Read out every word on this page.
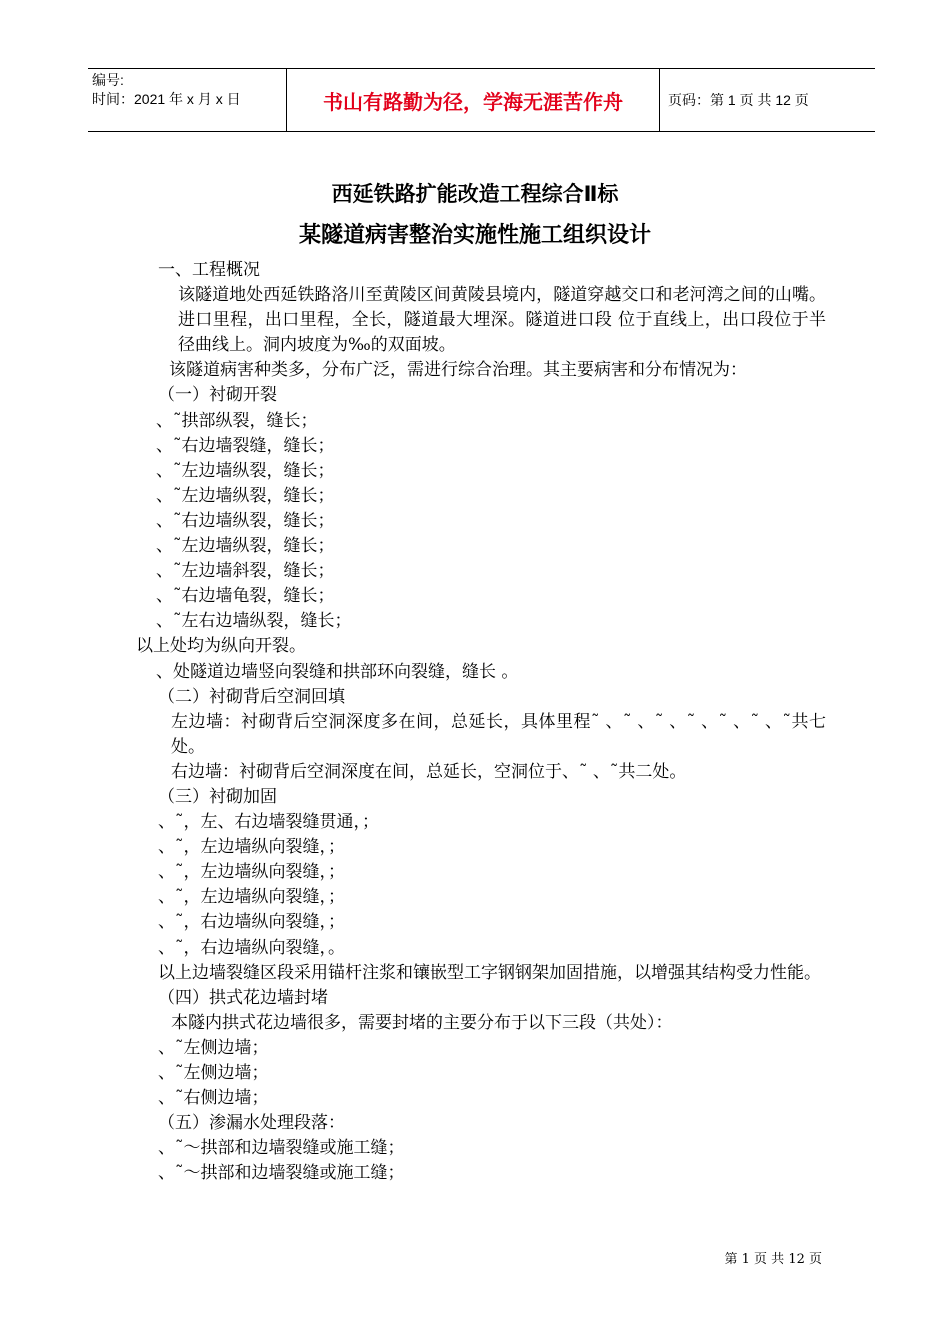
编号:
时间：2021 年 x 月 x 日	书山有路勤为径，学海无涯苦作舟	页码：第 1 页 共 12 页
西延铁路扩能改造工程综合Ⅱ标
某隧道病害整治实施性施工组织设计

一、工程概况

该隧道地处西延铁路洛川至黄陵区间黄陵县境内，隧道穿越交口和老河湾之间的山嘴。进口里程，出口里程，全长，隧道最大埋深。隧道进口段 位于直线上，出口段位于半径曲线上。洞内坡度为‰的双面坡。

该隧道病害种类多，分布广泛，需进行综合治理。其主要病害和分布情况为：

（一）衬砌开裂

、˜拱部纵裂，缝长；

、˜右边墙裂缝，缝长；

、˜左边墙纵裂，缝长；

、˜左边墙纵裂，缝长；

、˜右边墙纵裂，缝长；

、˜左边墙纵裂，缝长；

、˜左边墙斜裂，缝长；

、˜右边墙龟裂，缝长；

、˜左右边墙纵裂，缝长；

以上处均为纵向开裂。

、处隧道边墙竖向裂缝和拱部环向裂缝，缝长 。

（二）衬砌背后空洞回填

左边墙：衬砌背后空洞深度多在间，总延长，具体里程˜ 、˜ 、˜ 、˜ 、˜ 、˜ 、˜共七处。

右边墙：衬砌背后空洞深度在间，总延长，空洞位于、˜ 、˜共二处。

（三）衬砌加固

、˜，左、右边墙裂缝贯通，；

、˜，左边墙纵向裂缝，；

、˜，左边墙纵向裂缝，；

、˜，左边墙纵向裂缝，；

、˜，右边墙纵向裂缝，；

、˜，右边墙纵向裂缝，。

以上边墙裂缝区段采用锚杆注浆和镶嵌型工字钢钢架加固措施，以增强其结构受力性能。

（四）拱式花边墙封堵

本隧内拱式花边墙很多，需要封堵的主要分布于以下三段（共处）：

、˜左侧边墙；

、˜左侧边墙；

、˜右侧边墙；

（五）渗漏水处理段落：

、˜～拱部和边墙裂缝或施工缝；

、˜～拱部和边墙裂缝或施工缝；

第 1 页 共 12 页
